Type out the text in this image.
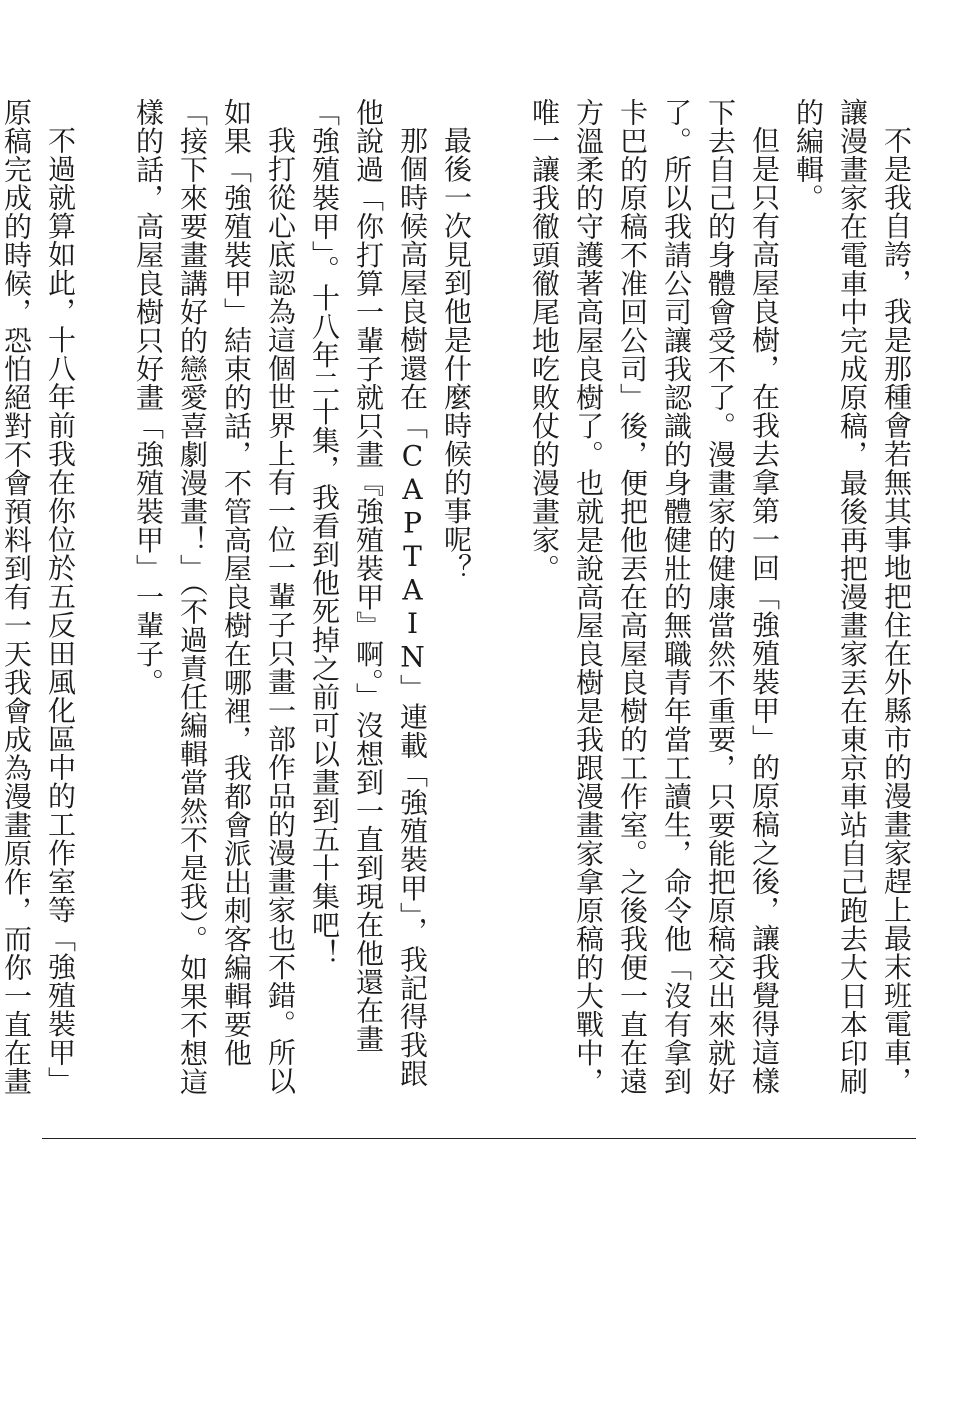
不是我自誇，我是那種會若無其事地把住在外縣市的漫畫家趕上最末班電車，讓漫畫家在電車中完成原稿，最後再把漫畫家丟在東京車站自己跑去大日本印刷的編輯。

但是只有高屋良樹，在我去拿第一回「強殖裝甲」的原稿之後，讓我覺得這樣下去自己的身體會受不了。漫畫家的健康當然不重要，只要能把原稿交出來就好了。所以我請公司讓我認識的身體健壯的無職青年當工讀生，命令他「沒有拿到卡巴的原稿不准回公司」後，便把他丟在高屋良樹的工作室。之後我便一直在遠方溫柔的守護著高屋良樹了。也就是說高屋良樹是我跟漫畫家拿原稿的大戰中，唯一讓我徹頭徹尾地吃敗仗的漫畫家。

最後一次見到他是什麼時候的事呢？

那個時候高屋良樹還在「CAPTAIN」連載「強殖裝甲」，我記得我跟他說過「你打算一輩子就只畫『強殖裝甲』啊。」沒想到一直到現在他還在畫「強殖裝甲」。十八年二十集，我看到他死掉之前可以畫到五十集吧！

我打從心底認為這個世界上有一位一輩子只畫一部作品的漫畫家也不錯。所以如果「強殖裝甲」結束的話，不管高屋良樹在哪裡，我都會派出刺客編輯要他「接下來要畫講好的戀愛喜劇漫畫！」（不過責任編輯當然不是我）。如果不想這樣的話，高屋良樹只好畫「強殖裝甲」一輩子。

不過就算如此，十八年前我在你位於五反田風化區中的工作室等「強殖裝甲」原稿完成的時候，恐怕絕對不會預料到有一天我會成為漫畫原作，而你一直在畫
